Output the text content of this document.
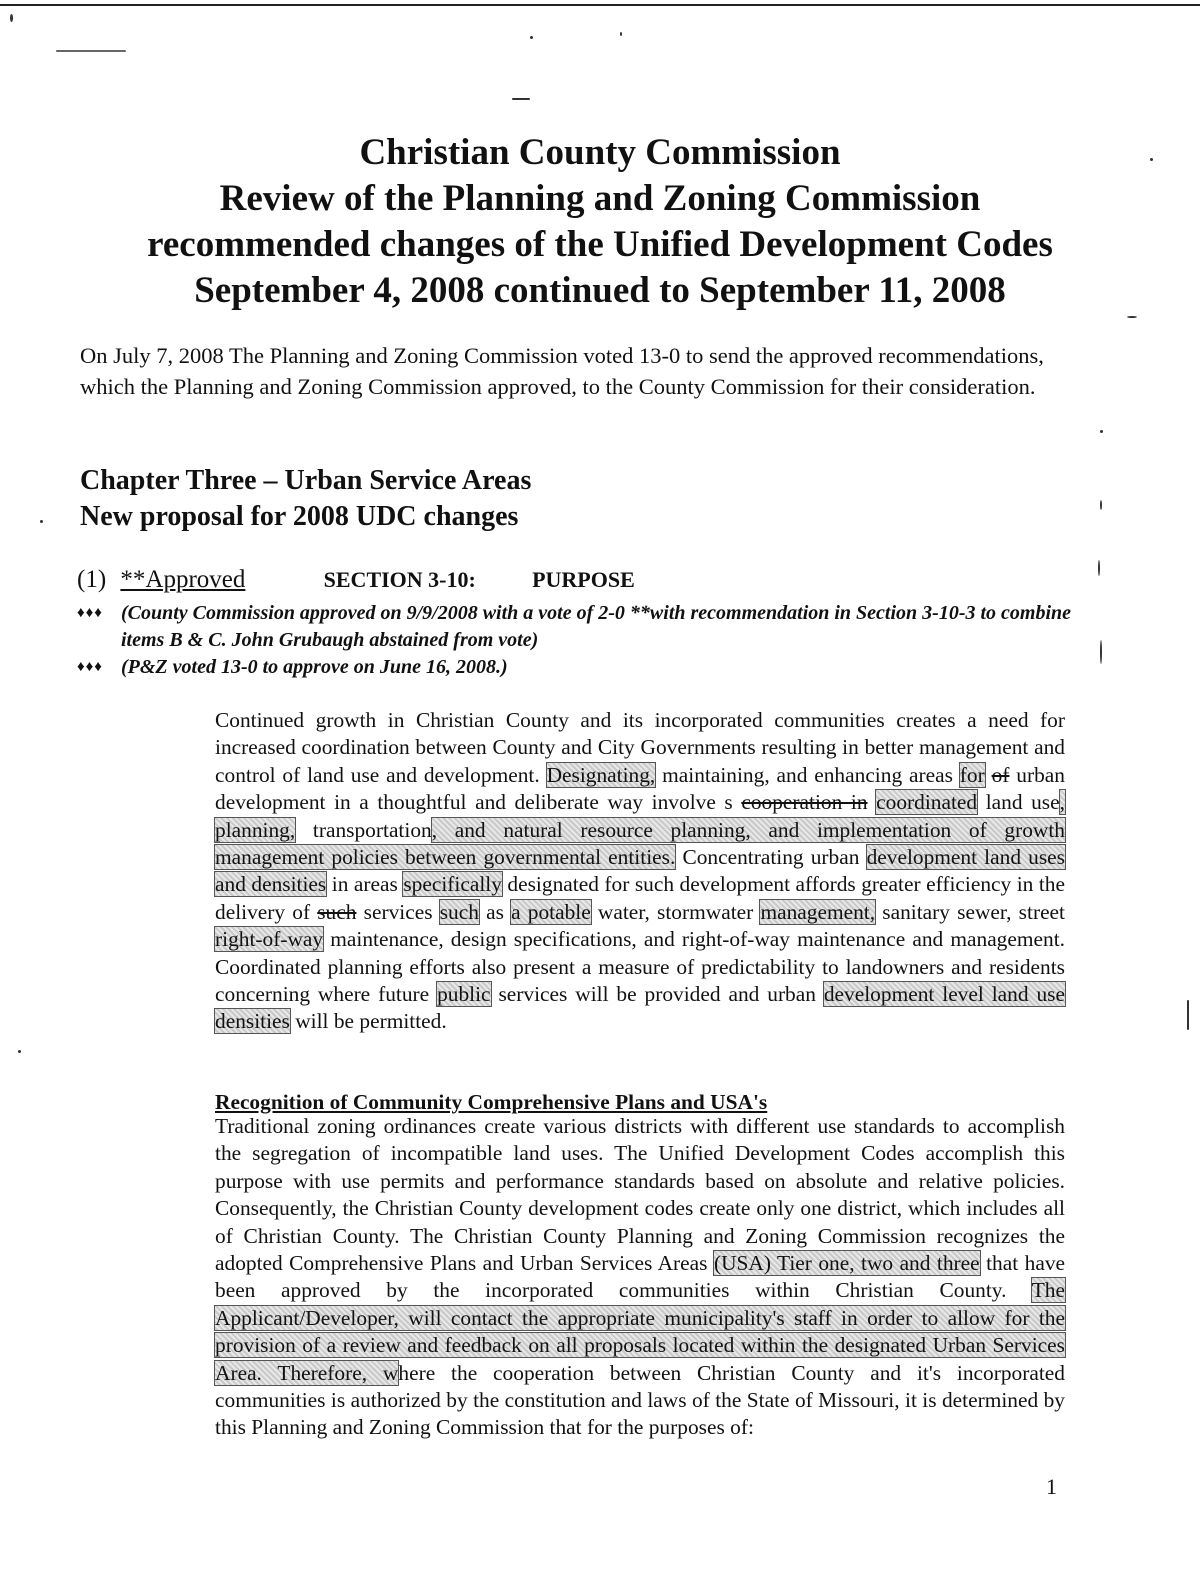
Christian County Commission
Review of the Planning and Zoning Commission
recommended changes of the Unified Development Codes
September 4, 2008 continued to September 11, 2008
On July 7, 2008 The Planning and Zoning Commission voted 13-0 to send the approved recommendations, which the Planning and Zoning Commission approved, to the County Commission for their consideration.
Chapter Three – Urban Service Areas
New proposal for 2008 UDC changes
(1) **Approved	SECTION 3-10:	PURPOSE
♦♦♦ (County Commission approved on 9/9/2008 with a vote of 2-0 **with recommendation in Section 3-10-3 to combine items B & C. John Grubaugh abstained from vote)
♦♦♦ (P&Z voted 13-0 to approve on June 16, 2008.)
Continued growth in Christian County and its incorporated communities creates a need for increased coordination between County and City Governments resulting in better management and control of land use and development. Designating, maintaining, and enhancing areas for of urban development in a thoughtful and deliberate way involve s cooperation in coordinated land use, planning, transportation, and natural resource planning, and implementation of growth management policies between governmental entities. Concentrating urban development land uses and densities in areas specifically designated for such development affords greater efficiency in the delivery of such services such as a potable water, stormwater management, sanitary sewer, street right-of-way maintenance, design specifications, and right-of-way maintenance and management. Coordinated planning efforts also present a measure of predictability to landowners and residents concerning where future public services will be provided and urban development level land use densities will be permitted.
Recognition of Community Comprehensive Plans and USA's
Traditional zoning ordinances create various districts with different use standards to accomplish the segregation of incompatible land uses. The Unified Development Codes accomplish this purpose with use permits and performance standards based on absolute and relative policies. Consequently, the Christian County development codes create only one district, which includes all of Christian County. The Christian County Planning and Zoning Commission recognizes the adopted Comprehensive Plans and Urban Services Areas (USA) Tier one, two and three that have been approved by the incorporated communities within Christian County. The Applicant/Developer, will contact the appropriate municipality's staff in order to allow for the provision of a review and feedback on all proposals located within the designated Urban Services Area. Therefore, where the cooperation between Christian County and it's incorporated communities is authorized by the constitution and laws of the State of Missouri, it is determined by this Planning and Zoning Commission that for the purposes of:
1
